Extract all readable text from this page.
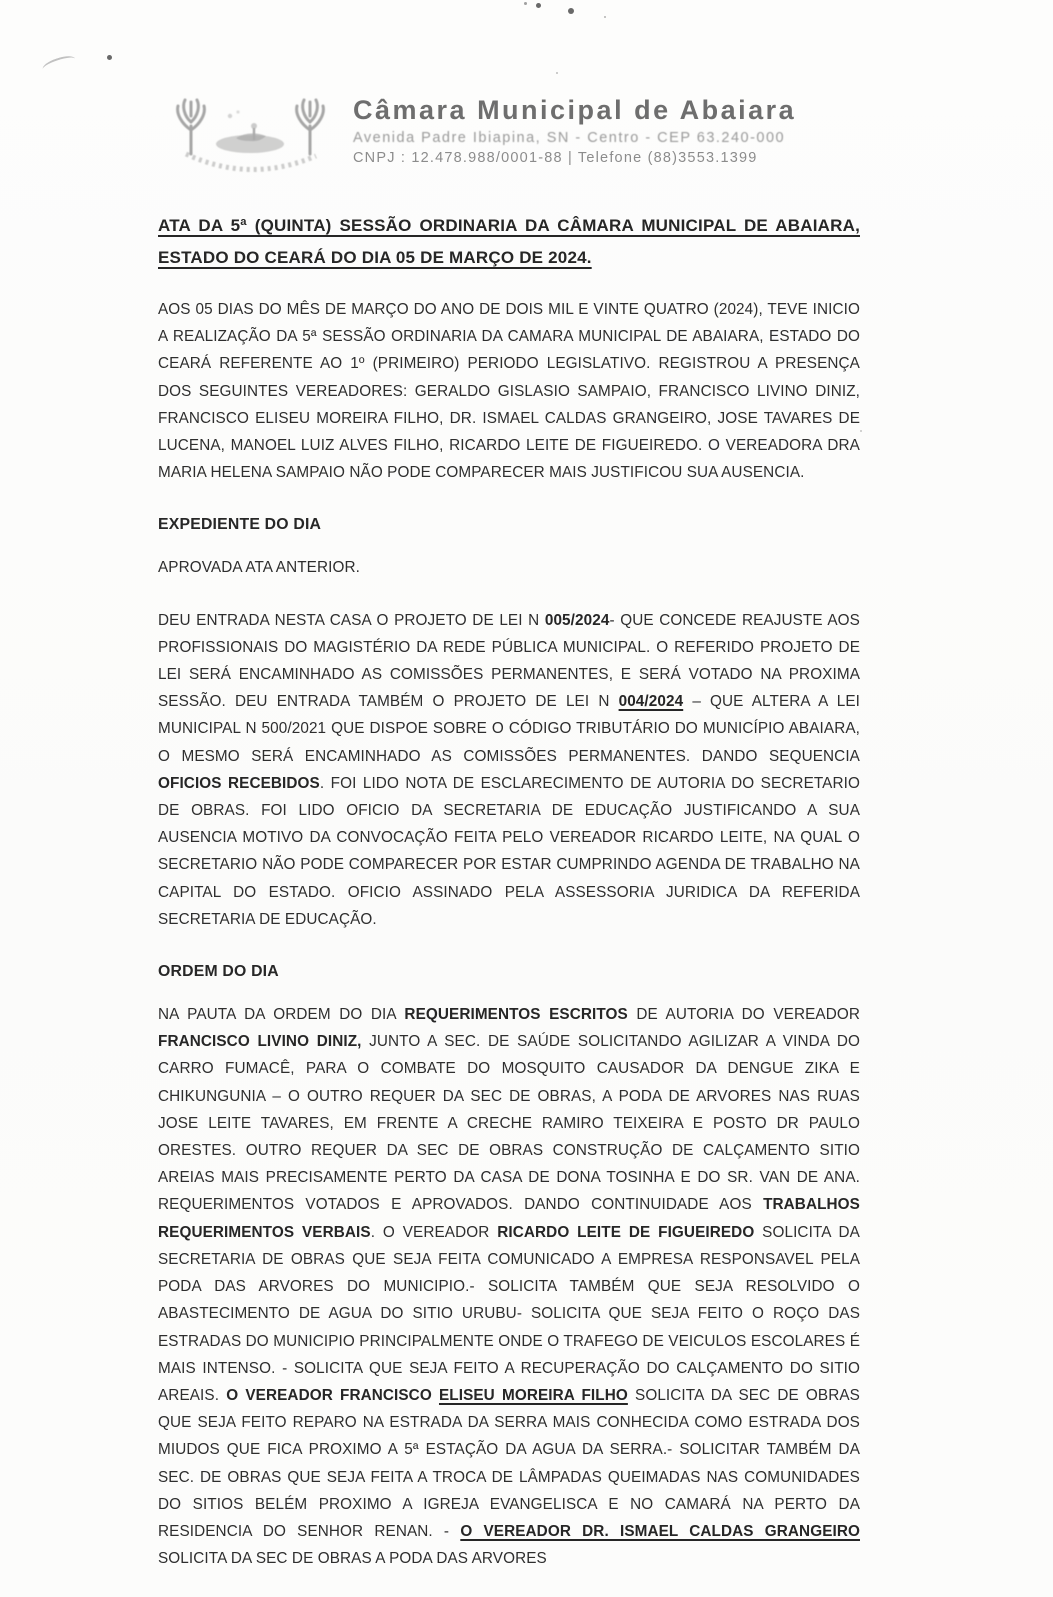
Câmara Municipal de Abaiara
Avenida Padre Ibiapina, SN - Centro - CEP 63.240-000
CNPJ : 12.478.988/0001-88 | Telefone (88)3553.1399
ATA DA 5ª (QUINTA) SESSÃO ORDINARIA DA CÂMARA MUNICIPAL DE ABAIARA, ESTADO DO CEARÁ DO DIA 05 DE MARÇO DE 2024.

AOS 05 DIAS DO MÊS DE MARÇO DO ANO DE DOIS MIL E VINTE QUATRO (2024), TEVE INICIO A REALIZAÇÃO DA 5ª SESSÃO ORDINARIA DA CAMARA MUNICIPAL DE ABAIARA, ESTADO DO CEARÁ REFERENTE AO 1º (PRIMEIRO) PERIODO LEGISLATIVO. REGISTROU A PRESENÇA DOS SEGUINTES VEREADORES: GERALDO GISLASIO SAMPAIO, FRANCISCO LIVINO DINIZ, FRANCISCO ELISEU MOREIRA FILHO, DR. ISMAEL CALDAS GRANGEIRO, JOSE TAVARES DE LUCENA, MANOEL LUIZ ALVES FILHO, RICARDO LEITE DE FIGUEIREDO. O VEREADORA DRA MARIA HELENA SAMPAIO NÃO PODE COMPARECER MAIS JUSTIFICOU SUA AUSENCIA.

EXPEDIENTE DO DIA

APROVADA ATA ANTERIOR.

DEU ENTRADA NESTA CASA O PROJETO DE LEI N 005/2024- QUE CONCEDE REAJUSTE AOS PROFISSIONAIS DO MAGISTÉRIO DA REDE PÚBLICA MUNICIPAL. O REFERIDO PROJETO DE LEI SERÁ ENCAMINHADO AS COMISSÕES PERMANENTES, E SERÁ VOTADO NA PROXIMA SESSÃO. DEU ENTRADA TAMBÉM O PROJETO DE LEI N 004/2024 – QUE ALTERA A LEI MUNICIPAL N 500/2021 QUE DISPOE SOBRE O CÓDIGO TRIBUTÁRIO DO MUNICÍPIO ABAIARA, O MESMO SERÁ ENCAMINHADO AS COMISSÕES PERMANENTES. DANDO SEQUENCIA OFICIOS RECEBIDOS. FOI LIDO NOTA DE ESCLARECIMENTO DE AUTORIA DO SECRETARIO DE OBRAS. FOI LIDO OFICIO DA SECRETARIA DE EDUCAÇÃO JUSTIFICANDO A SUA AUSENCIA MOTIVO DA CONVOCAÇÃO FEITA PELO VEREADOR RICARDO LEITE, NA QUAL O SECRETARIO NÃO PODE COMPARECER POR ESTAR CUMPRINDO AGENDA DE TRABALHO NA CAPITAL DO ESTADO. OFICIO ASSINADO PELA ASSESSORIA JURIDICA DA REFERIDA SECRETARIA DE EDUCAÇÃO.

ORDEM DO DIA

NA PAUTA DA ORDEM DO DIA REQUERIMENTOS ESCRITOS DE AUTORIA DO VEREADOR FRANCISCO LIVINO DINIZ, JUNTO A SEC. DE SAÚDE SOLICITANDO AGILIZAR A VINDA DO CARRO FUMACÊ, PARA O COMBATE DO MOSQUITO CAUSADOR DA DENGUE ZIKA E CHIKUNGUNIA – O OUTRO REQUER DA SEC DE OBRAS, A PODA DE ARVORES NAS RUAS JOSE LEITE TAVARES, EM FRENTE A CRECHE RAMIRO TEIXEIRA E POSTO DR PAULO ORESTES. OUTRO REQUER DA SEC DE OBRAS CONSTRUÇÃO DE CALÇAMENTO SITIO AREIAS MAIS PRECISAMENTE PERTO DA CASA DE DONA TOSINHA E DO SR. VAN DE ANA. REQUERIMENTOS VOTADOS E APROVADOS. DANDO CONTINUIDADE AOS TRABALHOS REQUERIMENTOS VERBAIS. O VEREADOR RICARDO LEITE DE FIGUEIREDO SOLICITA DA SECRETARIA DE OBRAS QUE SEJA FEITA COMUNICADO A EMPRESA RESPONSAVEL PELA PODA DAS ARVORES DO MUNICIPIO.- SOLICITA TAMBÉM QUE SEJA RESOLVIDO O ABASTECIMENTO DE AGUA DO SITIO URUBU- SOLICITA QUE SEJA FEITO O ROÇO DAS ESTRADAS DO MUNICIPIO PRINCIPALMENTE ONDE O TRAFEGO DE VEICULOS ESCOLARES É MAIS INTENSO. - SOLICITA QUE SEJA FEITO A RECUPERAÇÃO DO CALÇAMENTO DO SITIO AREAIS. O VEREADOR FRANCISCO ELISEU MOREIRA FILHO SOLICITA DA SEC DE OBRAS QUE SEJA FEITO REPARO NA ESTRADA DA SERRA MAIS CONHECIDA COMO ESTRADA DOS MIUDOS QUE FICA PROXIMO A 5ª ESTAÇÃO DA AGUA DA SERRA.- SOLICITAR TAMBÉM DA SEC. DE OBRAS QUE SEJA FEITA A TROCA DE LÂMPADAS QUEIMADAS NAS COMUNIDADES DO SITIOS BELÉM PROXIMO A IGREJA EVANGELISCA E NO CAMARÁ NA PERTO DA RESIDENCIA DO SENHOR RENAN. - O VEREADOR DR. ISMAEL CALDAS GRANGEIRO SOLICITA DA SEC DE OBRAS A PODA DAS ARVORES
